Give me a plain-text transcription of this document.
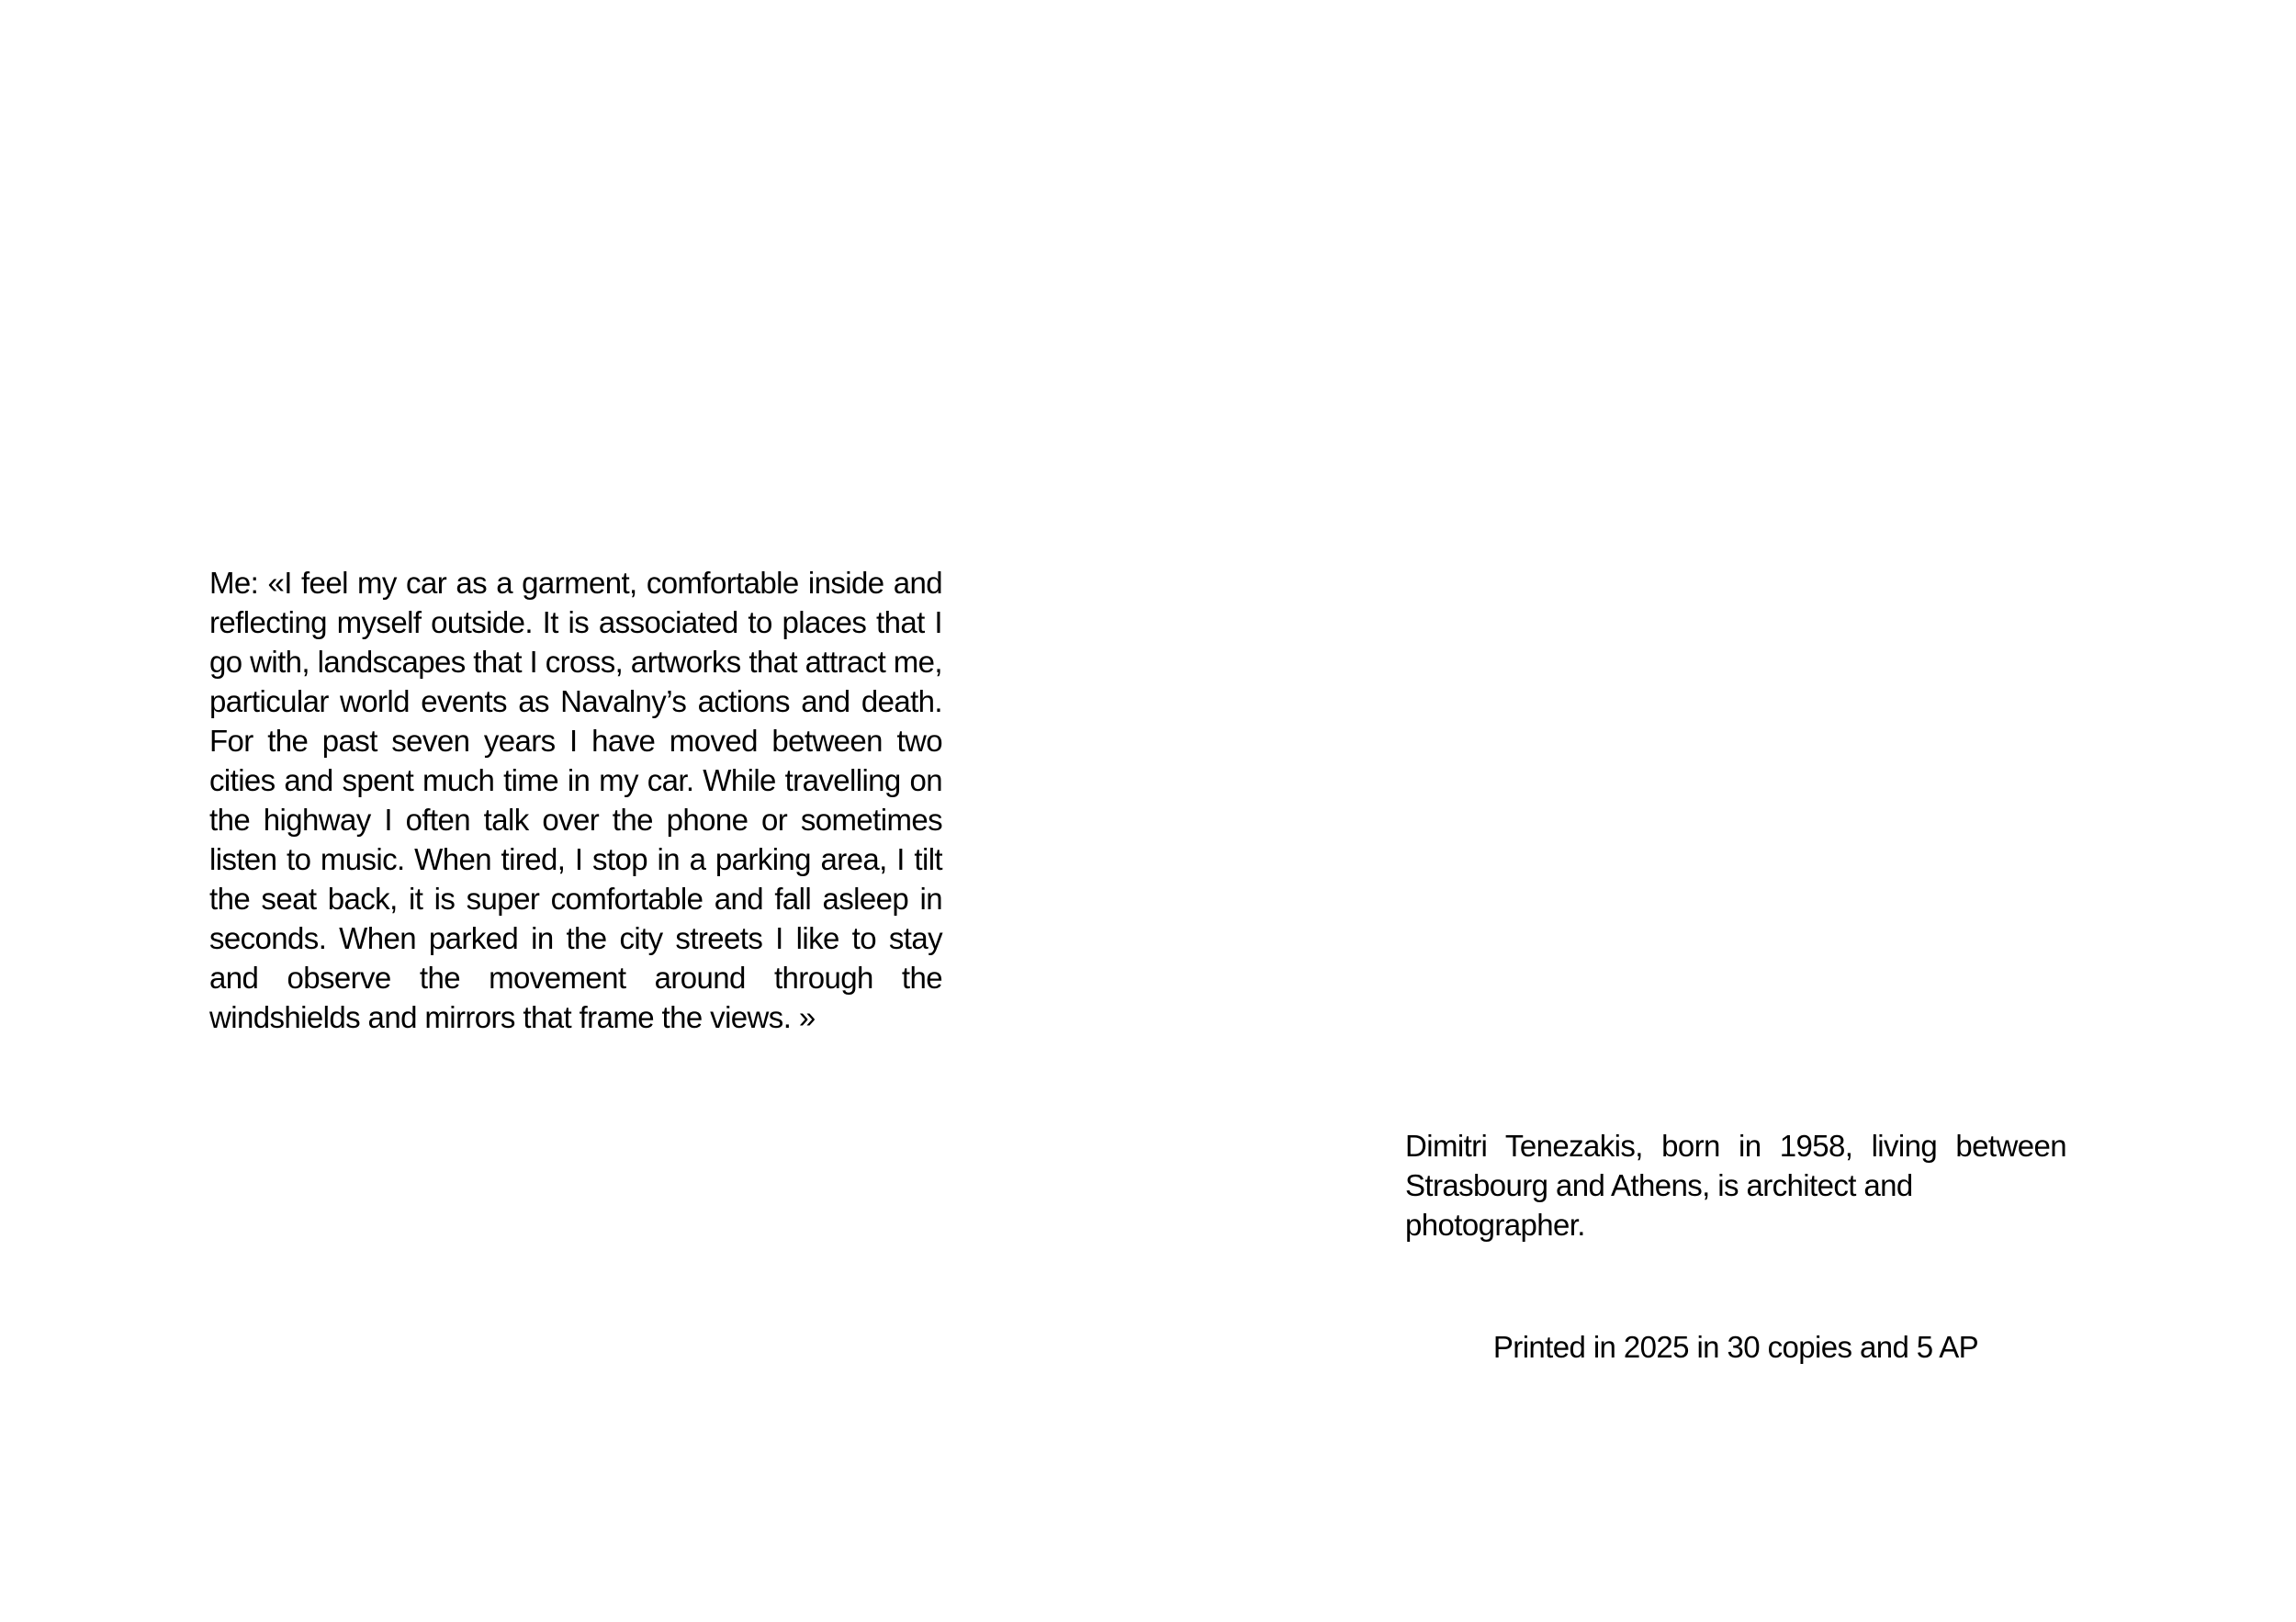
Me: «I feel my car as a garment, comfortable inside and reflecting myself outside. It is associated to places that I go with, landscapes that I cross, artworks that attract me, particular world events as Navalny’s actions and death. For the past seven years I have moved between two cities and spent much time in my car. While travelling on the highway I often talk over the phone or sometimes listen to music. When tired, I stop in a parking area, I tilt the seat back, it is super comfortable and fall asleep in seconds. When parked in the city streets I like to stay and observe the movement around through the windshields and mirrors that frame the views. »

Dimitri Tenezakis, born in 1958, living between
Strasbourg and Athens, is architect and photographer.

Printed in 2025 in 30 copies and 5 AP
